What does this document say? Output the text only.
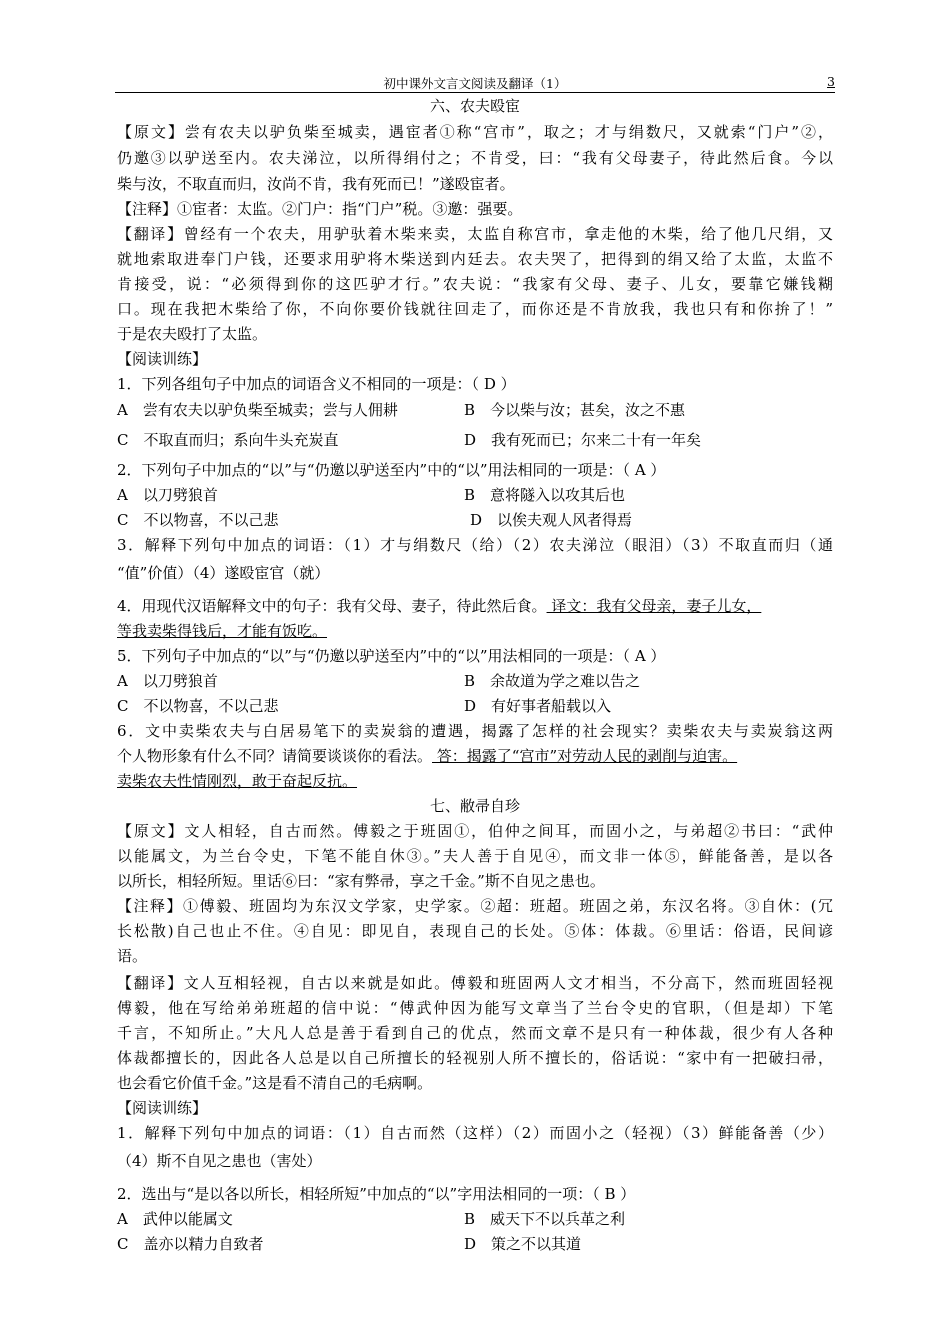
初中课外文言文阅读及翻译（1）	3
六、农夫殴宦
【原文】尝有农夫以驴负柴至城卖，遇宦者①称“宫市”，取之；才与绢数尺，又就索“门户”②，
仍邀③以驴送至内。农夫涕泣，以所得绢付之；不肯受，曰：“我有父母妻子，待此然后食。今以
柴与汝，不取直而归，汝尚不肯，我有死而已！”遂殴宦者。
【注释】①宦者：太监。②门户：指“门户”税。③邀：强要。
【翻译】曾经有一个农夫，用驴驮着木柴来卖，太监自称宫市，拿走他的木柴，给了他几尺绢，又
就地索取进奉门户钱，还要求用驴将木柴送到内廷去。农夫哭了，把得到的绢又给了太监，太监不
肯接受，说：“必须得到你的这匹驴才行。”农夫说：“我家有父母、妻子、儿女，要靠它嫌钱糊
口。现在我把木柴给了你，不向你要价钱就往回走了，而你还是不肯放我，我也只有和你拚了！”
于是农夫殴打了太监。
【阅读训练】
1．下列各组句子中加点的词语含义不相同的一项是：（ D ）
A　尝有农夫以驴负柴至城卖；尝与人佣耕	B　今以柴与汝；甚矣，汝之不惠
C　不取直而归；系向牛头充炭直	D　我有死而已；尔来二十有一年矣
2．下列句子中加点的“以”与“仍邀以驴送至内”中的“以”用法相同的一项是：（ A ）
A　以刀劈狼首	B　意将隧入以攻其后也
C　不以物喜，不以己悲	D　以俟夫观人风者得焉
3．解释下列句中加点的词语：（1）才与绢数尺（给）（2）农夫涕泣（眼泪）（3）不取直而归（通
“值”价值）（4）遂殴宦官（就）
4．用现代汉语解释文中的句子：我有父母、妻子，待此然后食。 译文：我有父母亲，妻子儿女，
等我卖柴得钱后，才能有饭吃。
5．下列句子中加点的“以”与“仍邀以驴送至内”中的“以”用法相同的一项是：（ A ）
A　以刀劈狼首	B　余故道为学之难以告之
C　不以物喜，不以己悲	D　有好事者船载以入
6．文中卖柴农夫与白居易笔下的卖炭翁的遭遇，揭露了怎样的社会现实？卖柴农夫与卖炭翁这两
个人物形象有什么不同？请简要谈谈你的看法。 答：揭露了“宫市”对劳动人民的剥削与迫害。
卖柴农夫性情刚烈，敢于奋起反抗。
七、敝帚自珍
【原文】文人相轻，自古而然。傅毅之于班固①，伯仲之间耳，而固小之，与弟超②书曰：“武仲
以能属文，为兰台令史，下笔不能自休③。”夫人善于自见④，而文非一体⑤，鲜能备善，是以各
以所长，相轻所短。里话⑥曰：“家有弊帚，享之千金。”斯不自见之患也。
【注释】①傅毅、班固均为东汉文学家，史学家。②超：班超。班固之弟，东汉名将。③自休：(冗
长松散)自己也止不住。④自见：即见自，表现自己的长处。⑤体：体裁。⑥里话：俗语，民间谚
语。
【翻译】文人互相轻视，自古以来就是如此。傅毅和班固两人文才相当，不分高下，然而班固轻视
傅毅，他在写给弟弟班超的信中说：“傅武仲因为能写文章当了兰台令史的官职，（但是却）下笔
千言，不知所止。”大凡人总是善于看到自己的优点，然而文章不是只有一种体裁，很少有人各种
体裁都擅长的，因此各人总是以自己所擅长的轻视别人所不擅长的，俗话说：“家中有一把破扫帚，
也会看它价值千金。”这是看不清自己的毛病啊。
【阅读训练】
1．解释下列句中加点的词语：（1）自古而然（这样）（2）而固小之（轻视）（3）鲜能备善（少）
（4）斯不自见之患也（害处）
2．选出与“是以各以所长，相轻所短”中加点的“以”字用法相同的一项：（ B ）
A　武仲以能属文	B　威天下不以兵革之利
C　盖亦以精力自致者	D　策之不以其道
